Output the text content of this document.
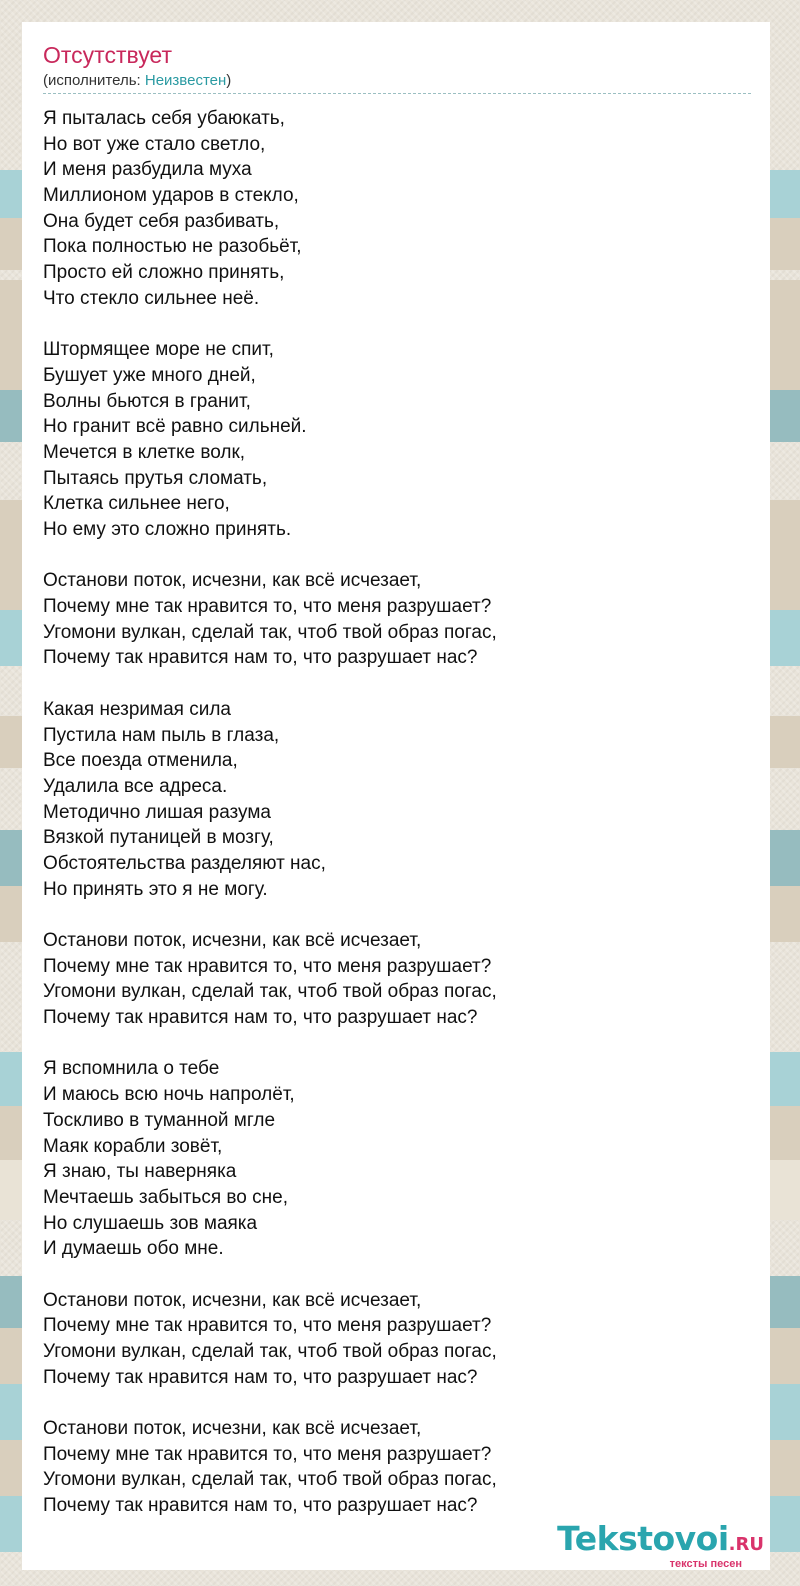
Отсутствует
(исполнитель: Неизвестен)
Я пыталась себя убаюкать,
Но вот уже стало светло,
И меня разбудила муха
Миллионом ударов в стекло,
Она будет себя разбивать,
Пока полностью не разобьёт,
Просто ей сложно принять,
Что стекло сильнее неё.
Штормящее море не спит,
Бушует уже много дней,
Волны бьются в гранит,
Но гранит всё равно сильней.
Мечется в клетке волк,
Пытаясь прутья сломать,
Клетка сильнее него,
Но ему это сложно принять.
Останови поток, исчезни, как всё исчезает,
Почему мне так нравится то, что меня разрушает?
Угомони вулкан, сделай так, чтоб твой образ погас,
Почему так нравится нам то, что разрушает нас?
Какая незримая сила
Пустила нам пыль в глаза,
Все поезда отменила,
Удалила все адреса.
Методично лишая разума
Вязкой путаницей в мозгу,
Обстоятельства разделяют нас,
Но принять это я не могу.
Останови поток, исчезни, как всё исчезает,
Почему мне так нравится то, что меня разрушает?
Угомони вулкан, сделай так, чтоб твой образ погас,
Почему так нравится нам то, что разрушает нас?
Я вспомнила о тебе
И маюсь всю ночь напролёт,
Тоскливо в туманной мгле
Маяк корабли зовёт,
Я знаю, ты наверняка
Мечтаешь забыться во сне,
Но слушаешь зов маяка
И думаешь обо мне.
Останови поток, исчезни, как всё исчезает,
Почему мне так нравится то, что меня разрушает?
Угомони вулкан, сделай так, чтоб твой образ погас,
Почему так нравится нам то, что разрушает нас?
Останови поток, исчезни, как всё исчезает,
Почему мне так нравится то, что меня разрушает?
Угомони вулкан, сделай так, чтоб твой образ погас,
Почему так нравится нам то, что разрушает нас?
Tekstovoi.RU
тексты песен
